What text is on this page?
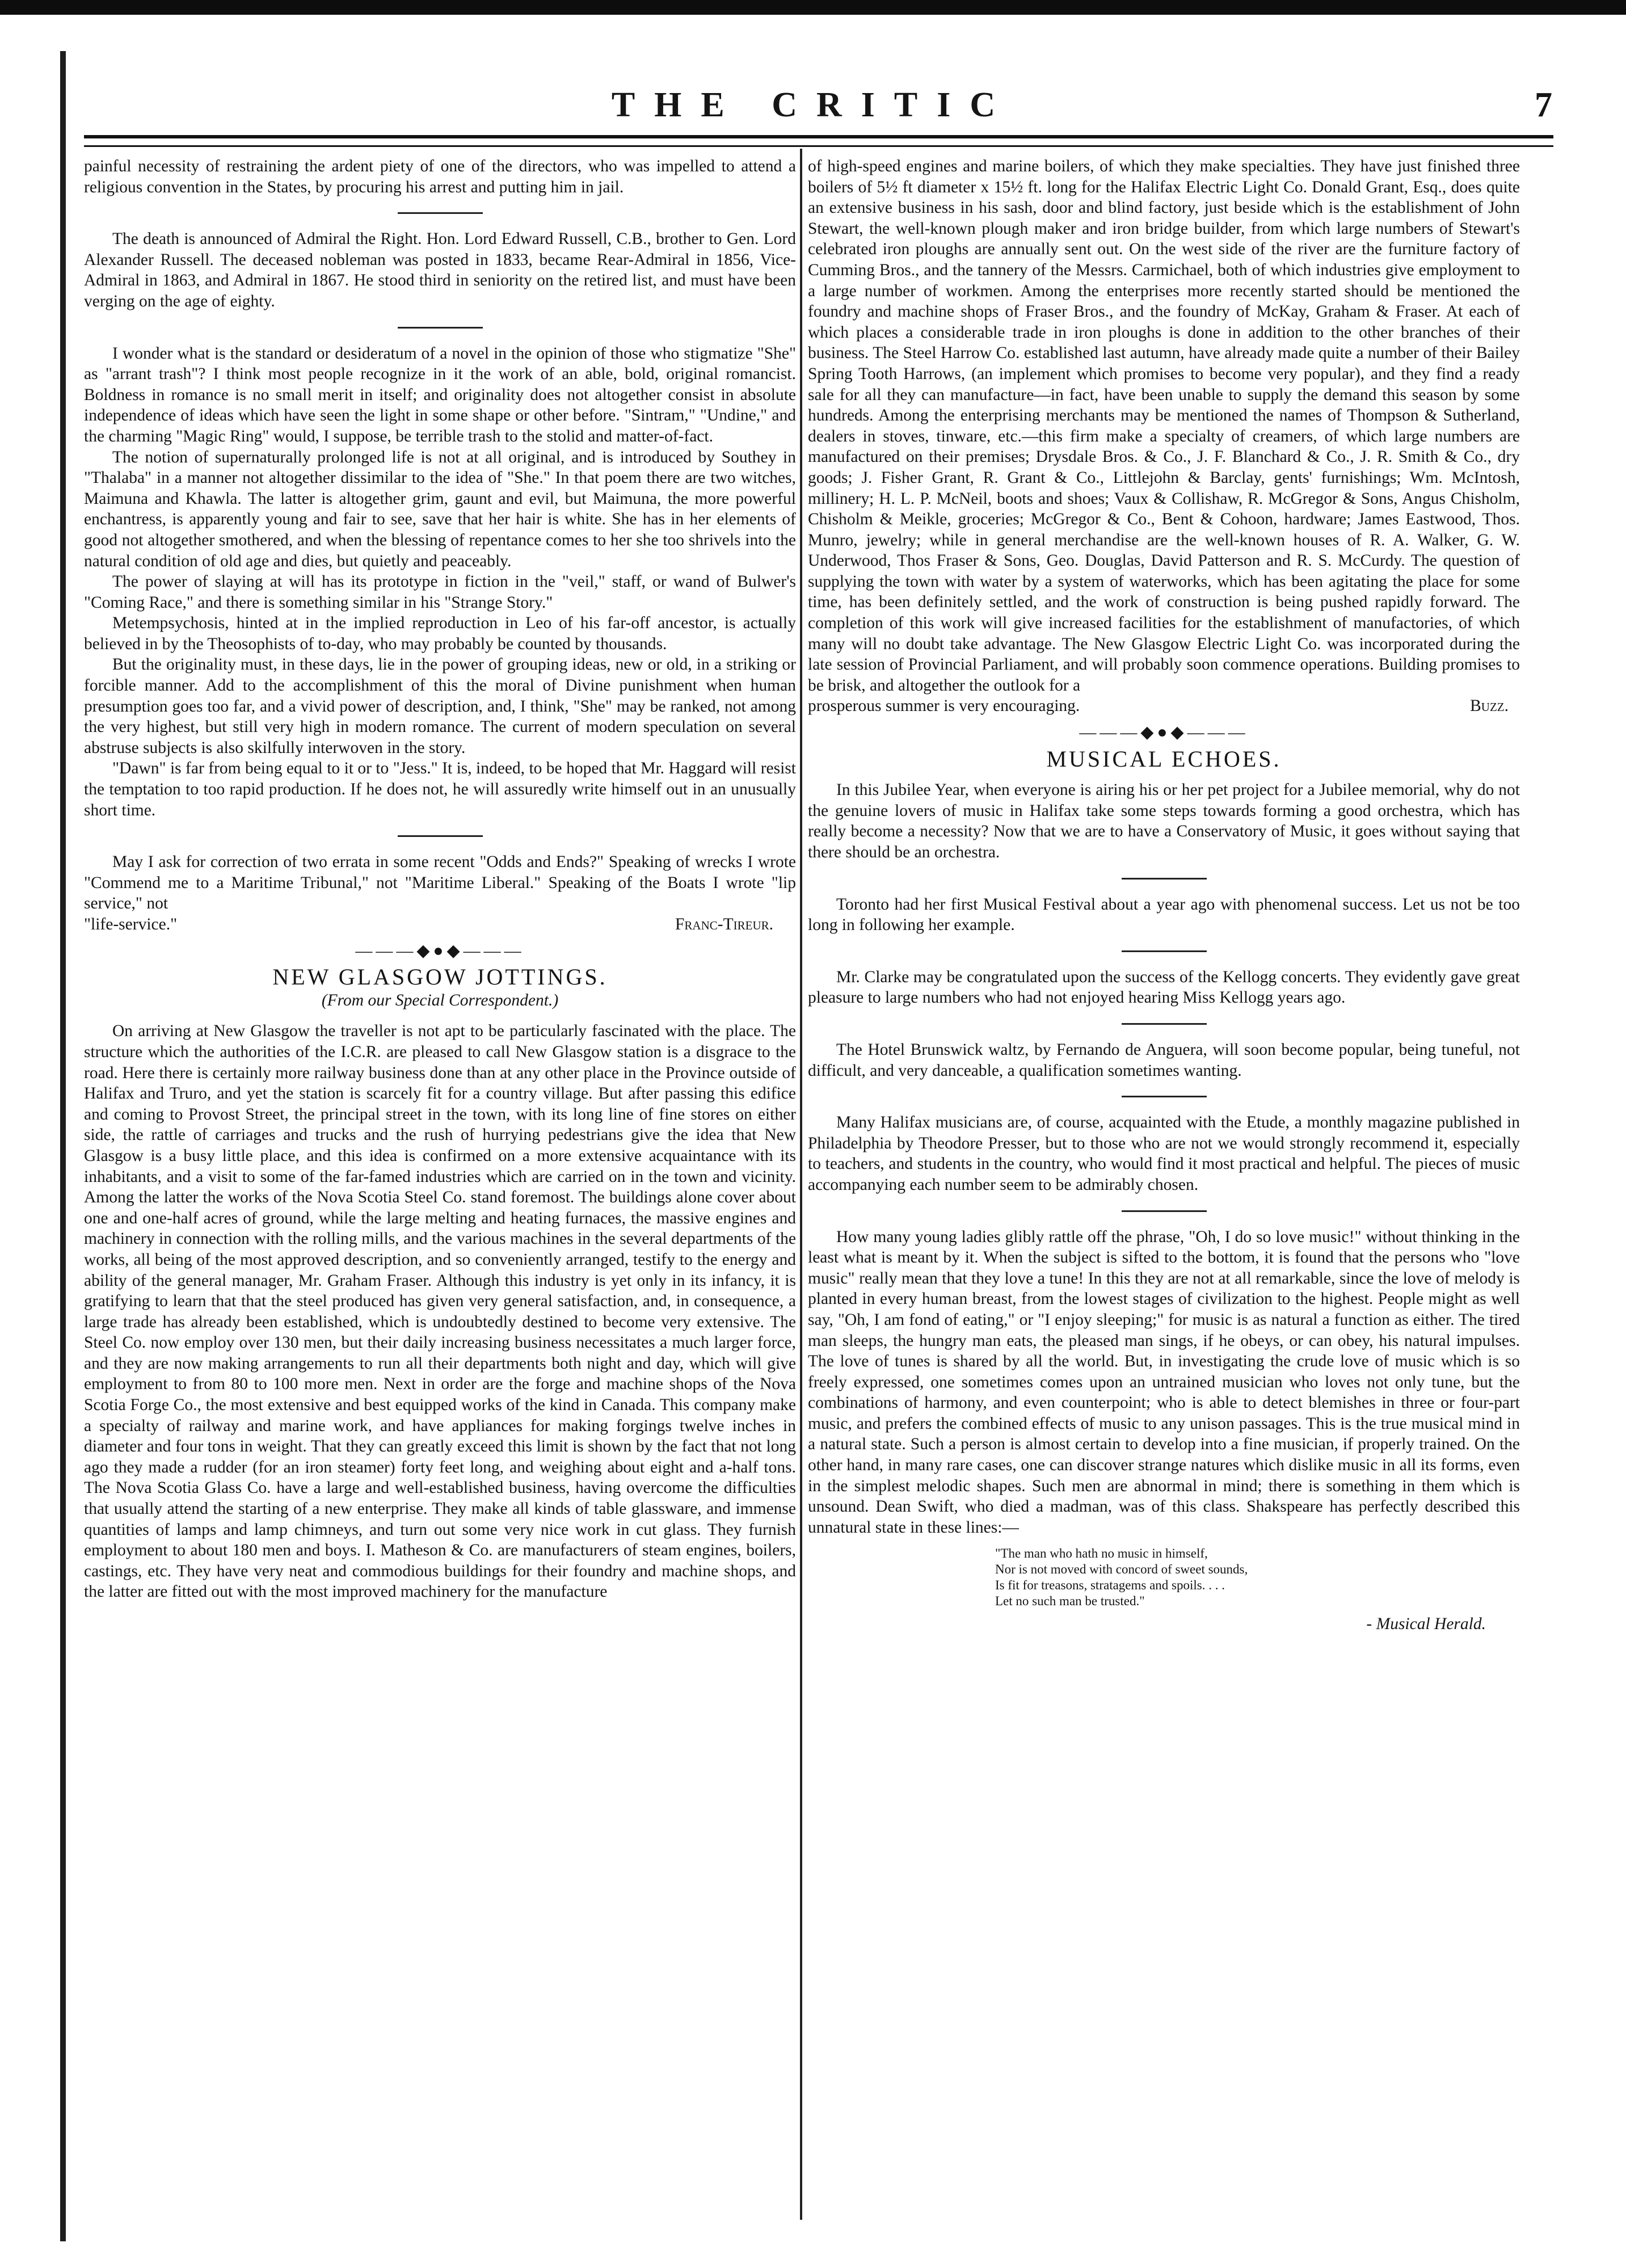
THE CRITIC	7

painful necessity of restraining the ardent piety of one of the directors, who was impelled to attend a religious convention in the States, by procuring his arrest and putting him in jail.

The death is announced of Admiral the Right. Hon. Lord Edward Russell, C.B., brother to Gen. Lord Alexander Russell. The deceased nobleman was posted in 1833, became Rear-Admiral in 1856, Vice-Admiral in 1863, and Admiral in 1867. He stood third in seniority on the retired list, and must have been verging on the age of eighty.

I wonder what is the standard or desideratum of a novel in the opinion of those who stigmatize "She" as "arrant trash"? I think most people recognize in it the work of an able, bold, original romancist. Boldness in romance is no small merit in itself; and originality does not altogether consist in absolute independence of ideas which have seen the light in some shape or other before. "Sintram," "Undine," and the charming "Magic Ring" would, I suppose, be terrible trash to the stolid and matter-of-fact.

The notion of supernaturally prolonged life is not at all original, and is introduced by Southey in "Thalaba" in a manner not altogether dissimilar to the idea of "She." In that poem there are two witches, Maimuna and Khawla. The latter is altogether grim, gaunt and evil, but Maimuna, the more powerful enchantress, is apparently young and fair to see, save that her hair is white. She has in her elements of good not altogether smothered, and when the blessing of repentance comes to her she too shrivels into the natural condition of old age and dies, but quietly and peaceably.

The power of slaying at will has its prototype in fiction in the "veil," staff, or wand of Bulwer's "Coming Race," and there is something similar in his "Strange Story."

Metempsychosis, hinted at in the implied reproduction in Leo of his far-off ancestor, is actually believed in by the Theosophists of to-day, who may probably be counted by thousands.

But the originality must, in these days, lie in the power of grouping ideas, new or old, in a striking or forcible manner. Add to the accomplishment of this the moral of Divine punishment when human presumption goes too far, and a vivid power of description, and, I think, "She" may be ranked, not among the very highest, but still very high in modern romance. The current of modern speculation on several abstruse subjects is also skilfully interwoven in the story.

"Dawn" is far from being equal to it or to "Jess." It is, indeed, to be hoped that Mr. Haggard will resist the temptation to too rapid production. If he does not, he will assuredly write himself out in an unusually short time.

May I ask for correction of two errata in some recent "Odds and Ends?" Speaking of wrecks I wrote "Commend me to a Maritime Tribunal," not "Maritime Liberal." Speaking of the Boats I wrote "lip service," not

"life-service."	Franc-Tireur.
———◆●◆———
NEW GLASGOW JOTTINGS.
(From our Special Correspondent.)

On arriving at New Glasgow the traveller is not apt to be particularly fascinated with the place. The structure which the authorities of the I.C.R. are pleased to call New Glasgow station is a disgrace to the road. Here there is certainly more railway business done than at any other place in the Province outside of Halifax and Truro, and yet the station is scarcely fit for a country village. But after passing this edifice and coming to Provost Street, the principal street in the town, with its long line of fine stores on either side, the rattle of carriages and trucks and the rush of hurrying pedestrians give the idea that New Glasgow is a busy little place, and this idea is confirmed on a more extensive acquaintance with its inhabitants, and a visit to some of the far-famed industries which are carried on in the town and vicinity. Among the latter the works of the Nova Scotia Steel Co. stand foremost. The buildings alone cover about one and one-half acres of ground, while the large melting and heating furnaces, the massive engines and machinery in connection with the rolling mills, and the various machines in the several departments of the works, all being of the most approved description, and so conveniently arranged, testify to the energy and ability of the general manager, Mr. Graham Fraser. Although this industry is yet only in its infancy, it is gratifying to learn that that the steel produced has given very general satisfaction, and, in consequence, a large trade has already been established, which is undoubtedly destined to become very extensive. The Steel Co. now employ over 130 men, but their daily increasing business necessitates a much larger force, and they are now making arrangements to run all their departments both night and day, which will give employment to from 80 to 100 more men. Next in order are the forge and machine shops of the Nova Scotia Forge Co., the most extensive and best equipped works of the kind in Canada. This company make a specialty of railway and marine work, and have appliances for making forgings twelve inches in diameter and four tons in weight. That they can greatly exceed this limit is shown by the fact that not long ago they made a rudder (for an iron steamer) forty feet long, and weighing about eight and a-half tons. The Nova Scotia Glass Co. have a large and well-established business, having overcome the difficulties that usually attend the starting of a new enterprise. They make all kinds of table glassware, and immense quantities of lamps and lamp chimneys, and turn out some very nice work in cut glass. They furnish employment to about 180 men and boys. I. Matheson & Co. are manufacturers of steam engines, boilers, castings, etc. They have very neat and commodious buildings for their foundry and machine shops, and the latter are fitted out with the most improved machinery for the manufacture

of high-speed engines and marine boilers, of which they make specialties. They have just finished three boilers of 5½ ft diameter x 15½ ft. long for the Halifax Electric Light Co. Donald Grant, Esq., does quite an extensive business in his sash, door and blind factory, just beside which is the establishment of John Stewart, the well-known plough maker and iron bridge builder, from which large numbers of Stewart's celebrated iron ploughs are annually sent out. On the west side of the river are the furniture factory of Cumming Bros., and the tannery of the Messrs. Carmichael, both of which industries give employment to a large number of workmen. Among the enterprises more recently started should be mentioned the foundry and machine shops of Fraser Bros., and the foundry of McKay, Graham & Fraser. At each of which places a considerable trade in iron ploughs is done in addition to the other branches of their business. The Steel Harrow Co. established last autumn, have already made quite a number of their Bailey Spring Tooth Harrows, (an implement which promises to become very popular), and they find a ready sale for all they can manufacture—in fact, have been unable to supply the demand this season by some hundreds. Among the enterprising merchants may be mentioned the names of Thompson & Sutherland, dealers in stoves, tinware, etc.—this firm make a specialty of creamers, of which large numbers are manufactured on their premises; Drysdale Bros. & Co., J. F. Blanchard & Co., J. R. Smith & Co., dry goods; J. Fisher Grant, R. Grant & Co., Littlejohn & Barclay, gents' furnishings; Wm. McIntosh, millinery; H. L. P. McNeil, boots and shoes; Vaux & Collishaw, R. McGregor & Sons, Angus Chisholm, Chisholm & Meikle, groceries; McGregor & Co., Bent & Cohoon, hardware; James Eastwood, Thos. Munro, jewelry; while in general merchandise are the well-known houses of R. A. Walker, G. W. Underwood, Thos Fraser & Sons, Geo. Douglas, David Patterson and R. S. McCurdy. The question of supplying the town with water by a system of waterworks, which has been agitating the place for some time, has been definitely settled, and the work of construction is being pushed rapidly forward. The completion of this work will give increased facilities for the establishment of manufactories, of which many will no doubt take advantage. The New Glasgow Electric Light Co. was incorporated during the late session of Provincial Parliament, and will probably soon commence operations. Building promises to be brisk, and altogether the outlook for a

prosperous summer is very encouraging.	Buzz.
———◆●◆———
MUSICAL ECHOES.

In this Jubilee Year, when everyone is airing his or her pet project for a Jubilee memorial, why do not the genuine lovers of music in Halifax take some steps towards forming a good orchestra, which has really become a necessity? Now that we are to have a Conservatory of Music, it goes without saying that there should be an orchestra.

Toronto had her first Musical Festival about a year ago with phenomenal success. Let us not be too long in following her example.

Mr. Clarke may be congratulated upon the success of the Kellogg concerts. They evidently gave great pleasure to large numbers who had not enjoyed hearing Miss Kellogg years ago.

The Hotel Brunswick waltz, by Fernando de Anguera, will soon become popular, being tuneful, not difficult, and very danceable, a qualification sometimes wanting.

Many Halifax musicians are, of course, acquainted with the Etude, a monthly magazine published in Philadelphia by Theodore Presser, but to those who are not we would strongly recommend it, especially to teachers, and students in the country, who would find it most practical and helpful. The pieces of music accompanying each number seem to be admirably chosen.

How many young ladies glibly rattle off the phrase, "Oh, I do so love music!" without thinking in the least what is meant by it. When the subject is sifted to the bottom, it is found that the persons who "love music" really mean that they love a tune! In this they are not at all remarkable, since the love of melody is planted in every human breast, from the lowest stages of civilization to the highest. People might as well say, "Oh, I am fond of eating," or "I enjoy sleeping;" for music is as natural a function as either. The tired man sleeps, the hungry man eats, the pleased man sings, if he obeys, or can obey, his natural impulses. The love of tunes is shared by all the world. But, in investigating the crude love of music which is so freely expressed, one sometimes comes upon an untrained musician who loves not only tune, but the combinations of harmony, and even counterpoint; who is able to detect blemishes in three or four-part music, and prefers the combined effects of music to any unison passages. This is the true musical mind in a natural state. Such a person is almost certain to develop into a fine musician, if properly trained. On the other hand, in many rare cases, one can discover strange natures which dislike music in all its forms, even in the simplest melodic shapes. Such men are abnormal in mind; there is something in them which is unsound. Dean Swift, who died a madman, was of this class. Shakspeare has perfectly described this unnatural state in these lines:—

"The man who hath no music in himself,
Nor is not moved with concord of sweet sounds,
Is fit for treasons, stratagems and spoils. . . .
Let no such man be trusted."
- Musical Herald.
